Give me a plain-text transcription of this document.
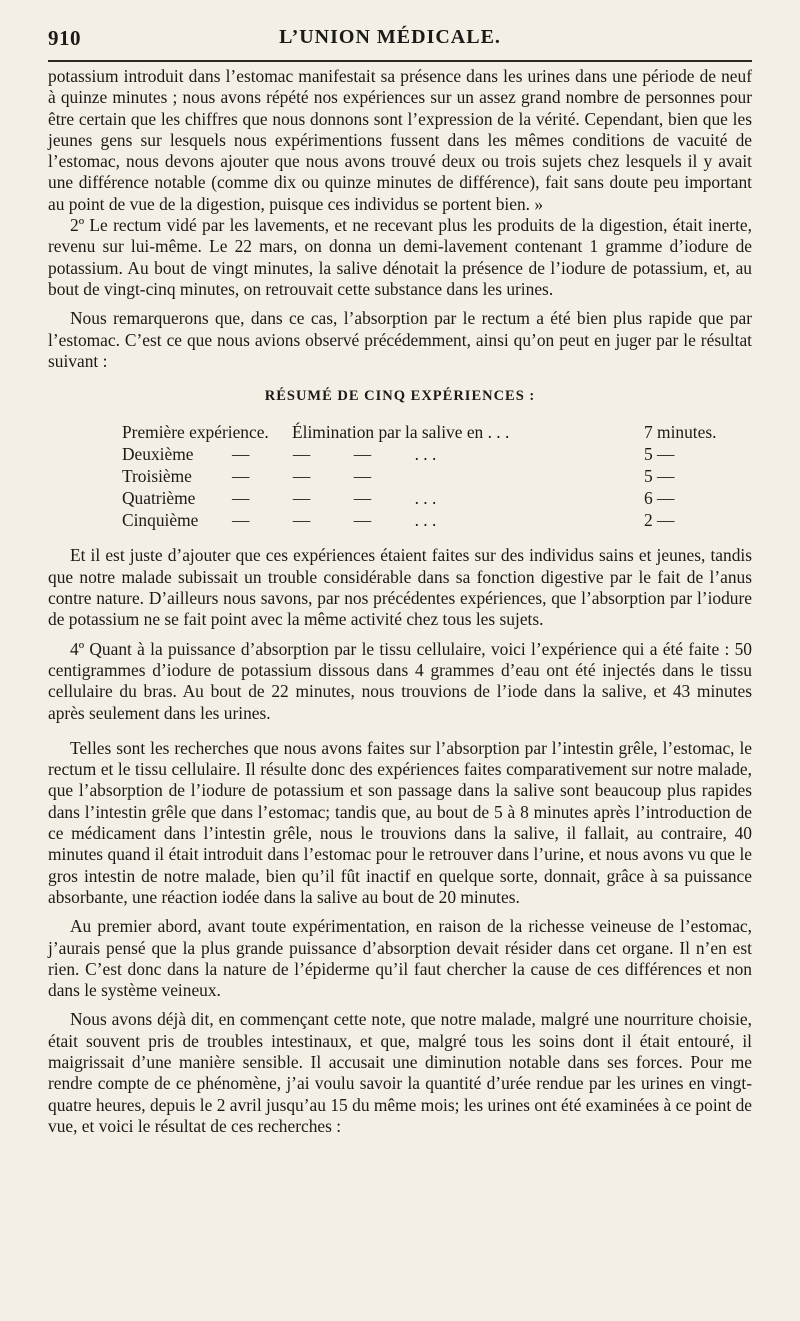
910	L’UNION MÉDICALE.

potassium introduit dans l’estomac manifestait sa présence dans les urines dans une période de neuf à quinze minutes ; nous avons répété nos expériences sur un assez grand nombre de personnes pour être certain que les chiffres que nous donnons sont l’expression de la vérité. Cependant, bien que les jeunes gens sur lesquels nous expérimentions fussent dans les mêmes conditions de vacuité de l’estomac, nous devons ajouter que nous avons trouvé deux ou trois sujets chez lesquels il y avait une différence notable (comme dix ou quinze minutes de différence), fait sans doute peu important au point de vue de la digestion, puisque ces individus se portent bien. »

2º Le rectum vidé par les lavements, et ne recevant plus les produits de la digestion, était inerte, revenu sur lui-même. Le 22 mars, on donna un demi-lavement contenant 1 gramme d’iodure de potassium. Au bout de vingt minutes, la salive dénotait la présence de l’iodure de potassium, et, au bout de vingt-cinq minutes, on retrouvait cette substance dans les urines.

Nous remarquerons que, dans ce cas, l’absorption par le rectum a été bien plus rapide que par l’estomac. C’est ce que nous avions observé précédemment, ainsi qu’on peut en juger par le résultat suivant :

RÉSUMÉ DE CINQ EXPÉRIENCES :
Première expérience.	Élimination par la salive en . . .	7 minutes.
Deuxième	—          —          —          . . .	5 —
Troisième	—          —          —	5 —
Quatrième	—          —          —          . . .	6 —
Cinquième	—          —          —          . . .	2 —

Et il est juste d’ajouter que ces expériences étaient faites sur des individus sains et jeunes, tandis que notre malade subissait un trouble considérable dans sa fonction digestive par le fait de l’anus contre nature. D’ailleurs nous savons, par nos précédentes expériences, que l’absorption par l’iodure de potassium ne se fait point avec la même activité chez tous les sujets.

4º Quant à la puissance d’absorption par le tissu cellulaire, voici l’expérience qui a été faite : 50 centigrammes d’iodure de potassium dissous dans 4 grammes d’eau ont été injectés dans le tissu cellulaire du bras. Au bout de 22 minutes, nous trouvions de l’iode dans la salive, et 43 minutes après seulement dans les urines.

Telles sont les recherches que nous avons faites sur l’absorption par l’intestin grêle, l’estomac, le rectum et le tissu cellulaire. Il résulte donc des expériences faites comparativement sur notre malade, que l’absorption de l’iodure de potassium et son passage dans la salive sont beaucoup plus rapides dans l’intestin grêle que dans l’estomac; tandis que, au bout de 5 à 8 minutes après l’introduction de ce médicament dans l’intestin grêle, nous le trouvions dans la salive, il fallait, au contraire, 40 minutes quand il était introduit dans l’estomac pour le retrouver dans l’urine, et nous avons vu que le gros intestin de notre malade, bien qu’il fût inactif en quelque sorte, donnait, grâce à sa puissance absorbante, une réaction iodée dans la salive au bout de 20 minutes.

Au premier abord, avant toute expérimentation, en raison de la richesse veineuse de l’estomac, j’aurais pensé que la plus grande puissance d’absorption devait résider dans cet organe. Il n’en est rien. C’est donc dans la nature de l’épiderme qu’il faut chercher la cause de ces différences et non dans le système veineux.

Nous avons déjà dit, en commençant cette note, que notre malade, malgré une nourriture choisie, était souvent pris de troubles intestinaux, et que, malgré tous les soins dont il était entouré, il maigrissait d’une manière sensible. Il accusait une diminution notable dans ses forces. Pour me rendre compte de ce phénomène, j’ai voulu savoir la quantité d’urée rendue par les urines en vingt-quatre heures, depuis le 2 avril jusqu’au 15 du même mois; les urines ont été examinées à ce point de vue, et voici le résultat de ces recherches :
